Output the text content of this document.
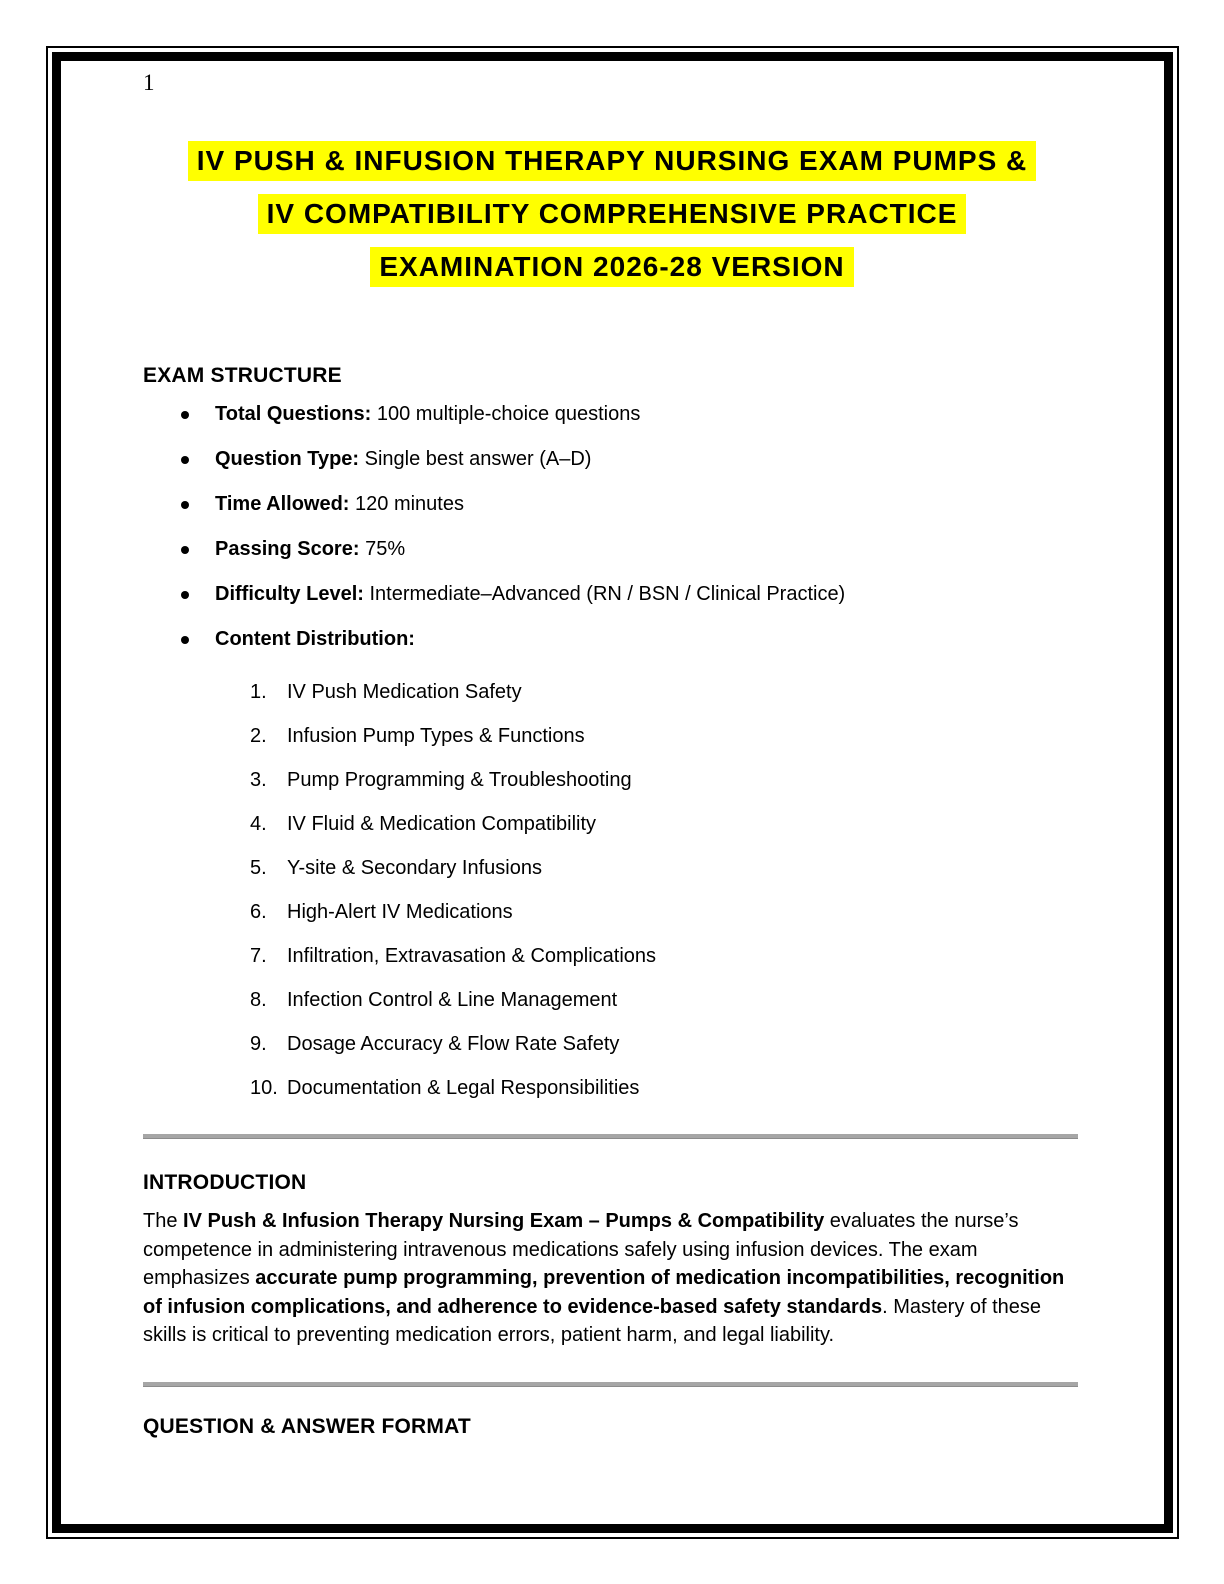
1
IV PUSH & INFUSION THERAPY NURSING EXAM PUMPS &
IV COMPATIBILITY COMPREHENSIVE PRACTICE
EXAMINATION 2026-28 VERSION
EXAM STRUCTURE
Total Questions: 100 multiple-choice questions
Question Type: Single best answer (A–D)
Time Allowed: 120 minutes
Passing Score: 75%
Difficulty Level: Intermediate–Advanced (RN / BSN / Clinical Practice)
Content Distribution:
1. IV Push Medication Safety
2. Infusion Pump Types & Functions
3. Pump Programming & Troubleshooting
4. IV Fluid & Medication Compatibility
5. Y-site & Secondary Infusions
6. High-Alert IV Medications
7. Infiltration, Extravasation & Complications
8. Infection Control & Line Management
9. Dosage Accuracy & Flow Rate Safety
10. Documentation & Legal Responsibilities
INTRODUCTION
The IV Push & Infusion Therapy Nursing Exam – Pumps & Compatibility evaluates the nurse’s competence in administering intravenous medications safely using infusion devices. The exam emphasizes accurate pump programming, prevention of medication incompatibilities, recognition of infusion complications, and adherence to evidence-based safety standards. Mastery of these skills is critical to preventing medication errors, patient harm, and legal liability.
QUESTION & ANSWER FORMAT
